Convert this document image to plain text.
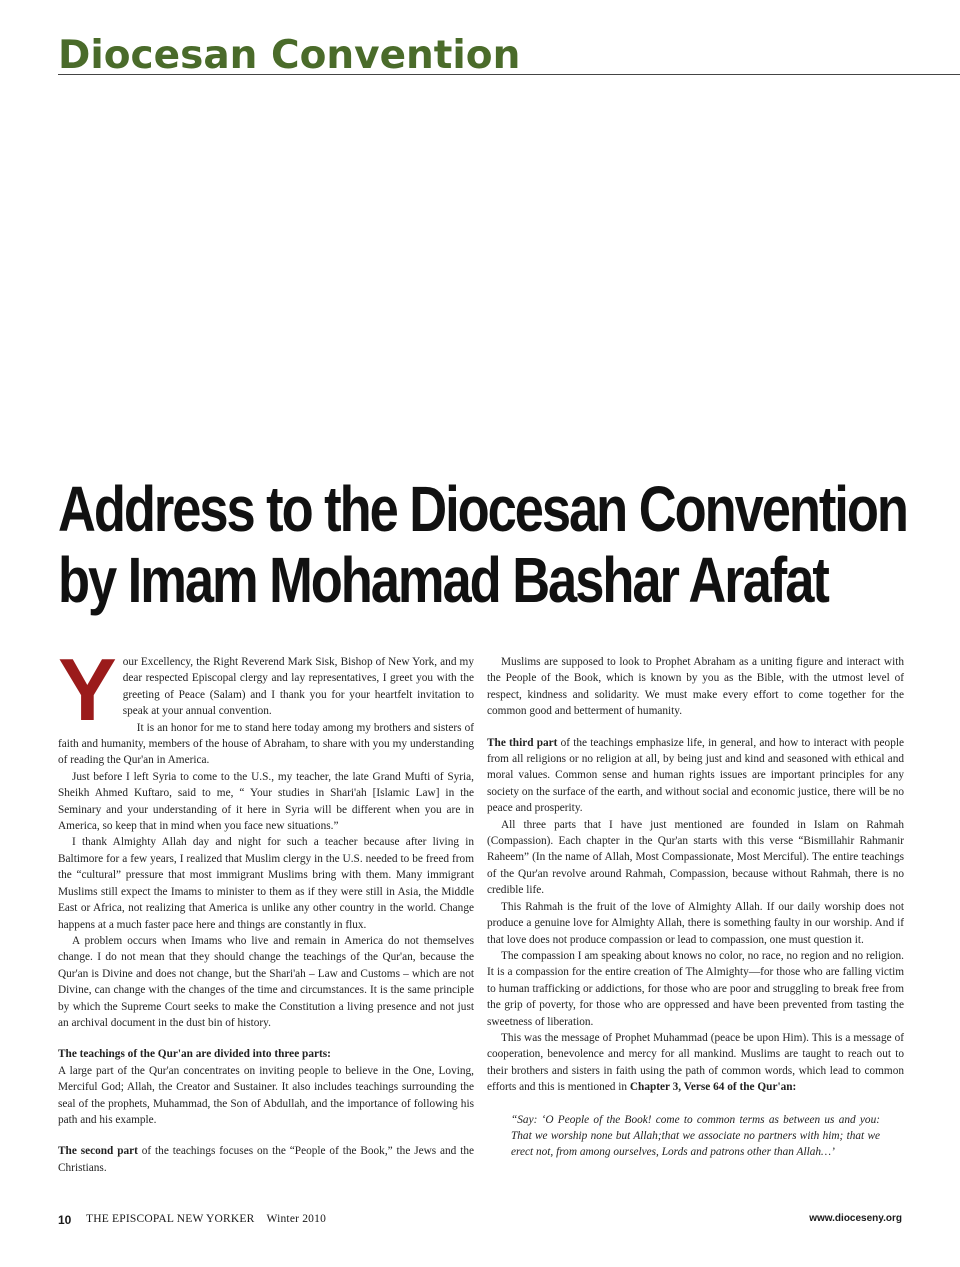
Diocesan Convention
Address to the Diocesan Convention
by Imam Mohamad Bashar Arafat

Your Excellency, the Right Reverend Mark Sisk, Bishop of New York, and my dear respected Episcopal clergy and lay representatives, I greet you with the greeting of Peace (Salam) and I thank you for your heartfelt invitation to speak at your annual convention.

It is an honor for me to stand here today among my brothers and sisters of faith and humanity, members of the house of Abraham, to share with you my understanding of reading the Qur'an in America.

Just before I left Syria to come to the U.S., my teacher, the late Grand Mufti of Syria, Sheikh Ahmed Kuftaro, said to me, “ Your studies in Shari'ah [Islamic Law] in the Seminary and your understanding of it here in Syria will be different when you are in America, so keep that in mind when you face new situations.”

I thank Almighty Allah day and night for such a teacher because after living in Baltimore for a few years, I realized that Muslim clergy in the U.S. needed to be freed from the “cultural” pressure that most immigrant Muslims bring with them. Many immigrant Muslims still expect the Imams to minister to them as if they were still in Asia, the Middle East or Africa, not realizing that America is unlike any other country in the world. Change happens at a much faster pace here and things are constantly in flux.

A problem occurs when Imams who live and remain in America do not themselves change. I do not mean that they should change the teachings of the Qur'an, because the Qur'an is Divine and does not change, but the Shari'ah – Law and Customs – which are not Divine, can change with the changes of the time and circumstances. It is the same principle by which the Supreme Court seeks to make the Constitution a living presence and not just an archival document in the dust bin of history.

The teachings of the Qur'an are divided into three parts:

A large part of the Qur'an concentrates on inviting people to believe in the One, Loving, Merciful God; Allah, the Creator and Sustainer. It also includes teachings surrounding the seal of the prophets, Muhammad, the Son of Abdullah, and the importance of following his path and his example.

The second part of the teachings focuses on the “People of the Book,” the Jews and the Christians.

Muslims are supposed to look to Prophet Abraham as a uniting figure and interact with the People of the Book, which is known by you as the Bible, with the utmost level of respect, kindness and solidarity. We must make every effort to come together for the common good and betterment of humanity.

The third part of the teachings emphasize life, in general, and how to interact with people from all religions or no religion at all, by being just and kind and seasoned with ethical and moral values. Common sense and human rights issues are important principles for any society on the surface of the earth, and without social and economic justice, there will be no peace and prosperity.

All three parts that I have just mentioned are founded in Islam on Rahmah (Compassion). Each chapter in the Qur'an starts with this verse “Bismillahir Rahmanir Raheem” (In the name of Allah, Most Compassionate, Most Merciful). The entire teachings of the Qur'an revolve around Rahmah, Compassion, because without Rahmah, there is no credible life.

This Rahmah is the fruit of the love of Almighty Allah. If our daily worship does not produce a genuine love for Almighty Allah, there is something faulty in our worship. And if that love does not produce compassion or lead to compassion, one must question it.

The compassion I am speaking about knows no color, no race, no region and no religion. It is a compassion for the entire creation of The Almighty—for those who are falling victim to human trafficking or addictions, for those who are poor and struggling to break free from the grip of poverty, for those who are oppressed and have been prevented from tasting the sweetness of liberation.

This was the message of Prophet Muhammad (peace be upon Him). This is a message of cooperation, benevolence and mercy for all mankind. Muslims are taught to reach out to their brothers and sisters in faith using the path of common words, which lead to common efforts and this is mentioned in Chapter 3, Verse 64 of the Qur'an:

“Say: ‘O People of the Book! come to common terms as between us and you: That we worship none but Allah;that we associate no partners with him; that we erect not, from among ourselves, Lords and patrons other than Allah…’
10 THE EPISCOPAL NEW YORKER Winter 2010	www.dioceseny.org
